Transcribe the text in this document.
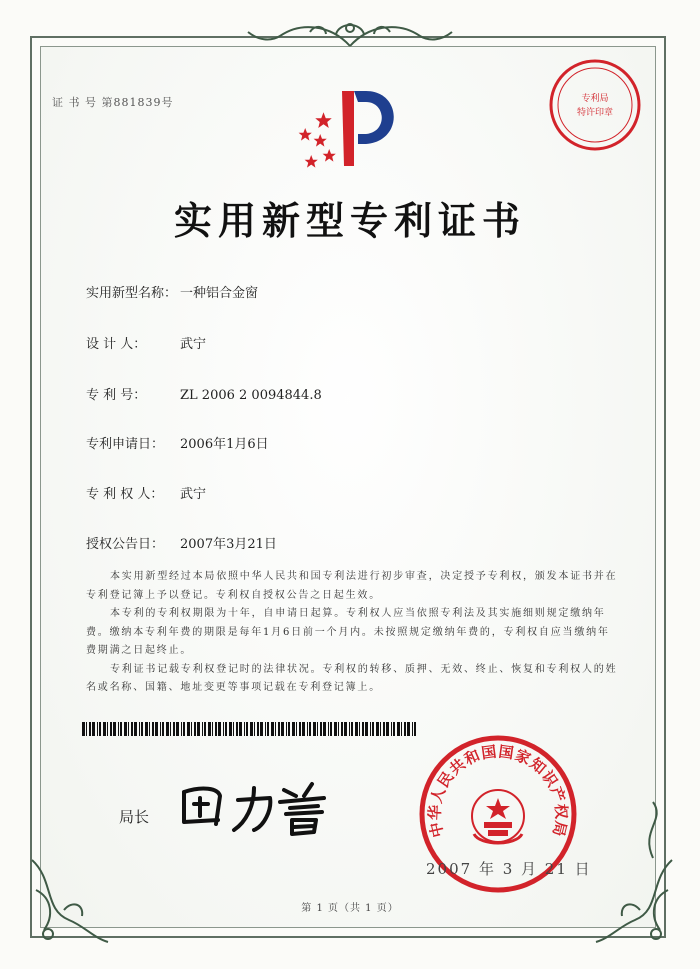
证 书 号 第881839号	专利局
特许印章
实用新型专利证书
实用新型名称： 一种铝合金窗
设 计 人：	武宁
专 利 号：	ZL 2006 2 0094844.8
专利申请日： 2006年1月6日
专 利 权 人： 武宁
授权公告日： 2007年3月21日

本实用新型经过本局依照中华人民共和国专利法进行初步审查，决定授予专利权，颁发本证书并在专利登记簿上予以登记。专利权自授权公告之日起生效。

本专利的专利权期限为十年，自申请日起算。专利权人应当依照专利法及其实施细则规定缴纳年费。缴纳本专利年费的期限是每年1月6日前一个月内。未按照规定缴纳年费的，专利权自应当缴纳年费期满之日起终止。

专利证书记载专利权登记时的法律状况。专利权的转移、质押、无效、终止、恢复和专利权人的姓名或名称、国籍、地址变更等事项记载在专利登记簿上。

局长
中华人民共和国国家知识产权局
2007 年 3 月 21 日
第 1 页（共 1 页）
